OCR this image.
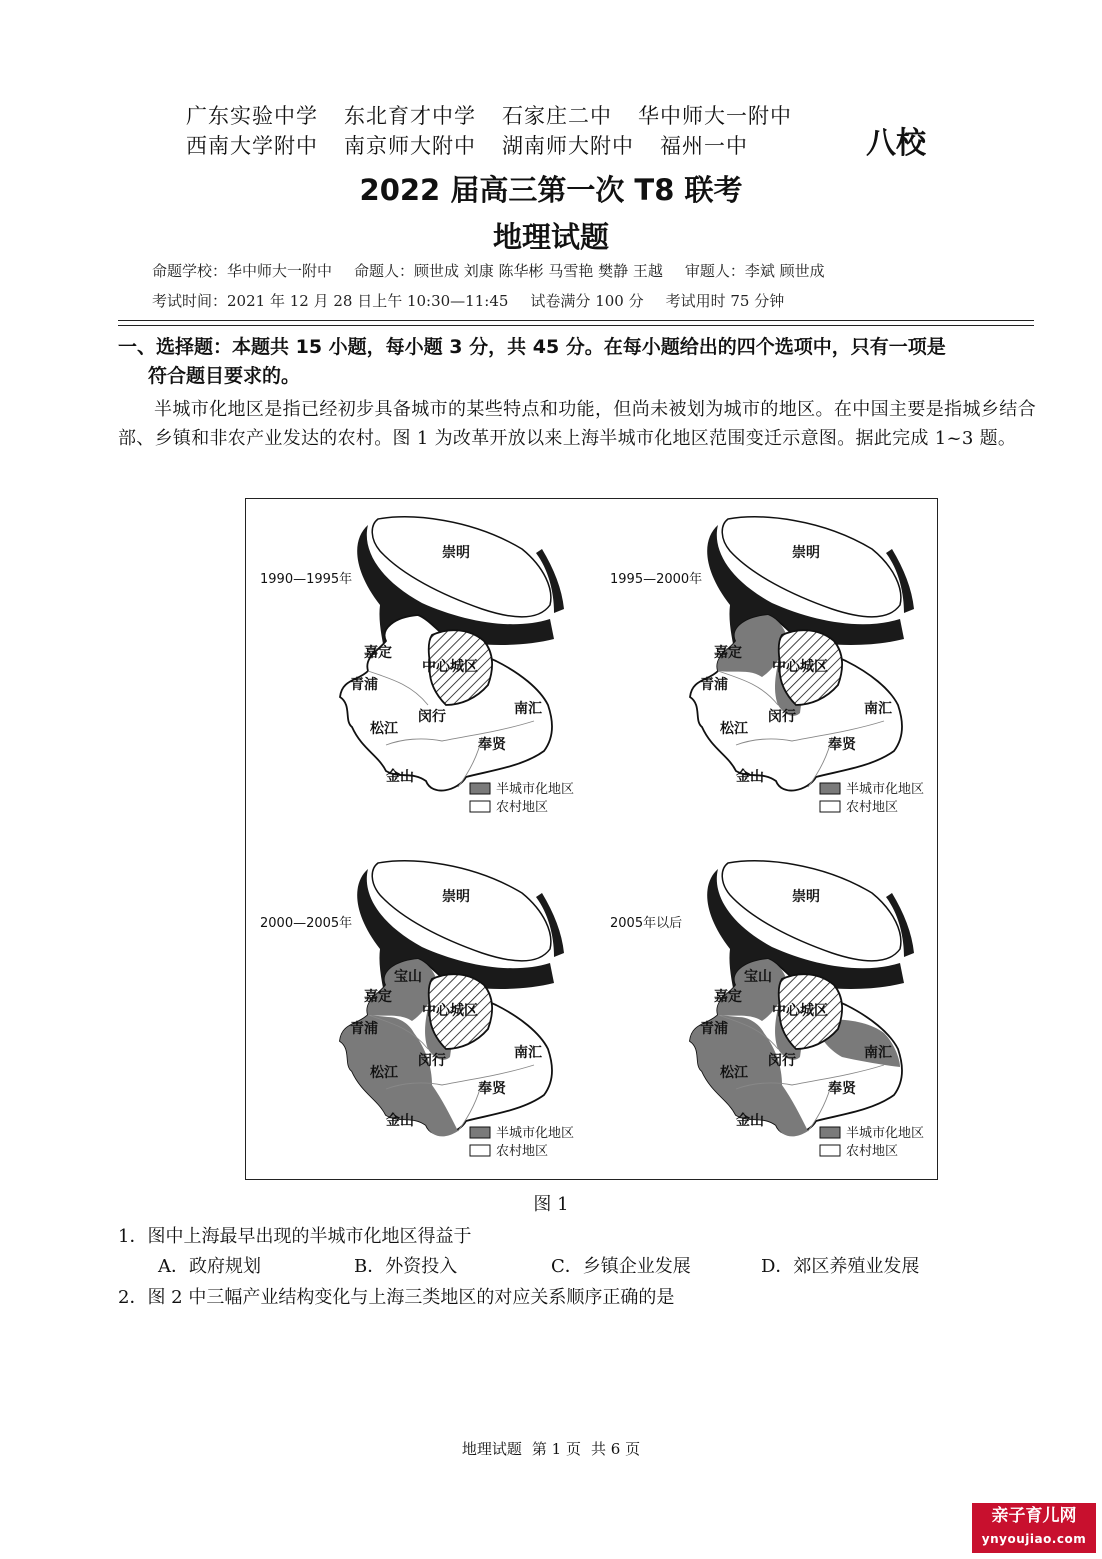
广东实验中学 东北育才中学 石家庄二中 华中师大一附中
西南大学附中 南京师大附中 湖南师大附中 福州一中	八校
2022 届高三第一次 T8 联考
地理试题
命题学校：华中师大一附中 命题人：顾世成 刘康 陈华彬 马雪艳 樊静 王越 审题人：李斌 顾世成
考试时间：2021 年 12 月 28 日上午 10:30—11:45 试卷满分 100 分 考试用时 75 分钟
一、选择题：本题共 15 小题，每小题 3 分，共 45 分。在每小题给出的四个选项中，只有一项是
符合题目要求的。
半城市化地区是指已经初步具备城市的某些特点和功能，但尚未被划为城市的地区。在中国主要是指城乡结合部、乡镇和非农产业发达的农村。图 1 为改革开放以来上海半城市化地区范围变迁示意图。据此完成 1~3 题。
1990—1995年
崇明
嘉定
中心城区
青浦
闵行	南汇
松江
奉贤
金山
半城市化地区
农村地区
1995—2000年
崇明
嘉定
中心城区
青浦
闵行	南汇
松江
奉贤
金山
半城市化地区
农村地区
2000—2005年
崇明
嘉定
中心城区
青浦
闵行	南汇
松江
奉贤
金山
宝山
半城市化地区
农村地区
2005年以后
崇明
嘉定
中心城区
青浦
闵行	南汇
松江
奉贤
金山
宝山
半城市化地区
农村地区
图 1
1．图中上海最早出现的半城市化地区得益于
A．政府规划	B．外资投入	C．乡镇企业发展	D．郊区养殖业发展
2．图 2 中三幅产业结构变化与上海三类地区的对应关系顺序正确的是
地理试题 第 1 页 共 6 页
亲子育儿网
ynyoujiao.com
